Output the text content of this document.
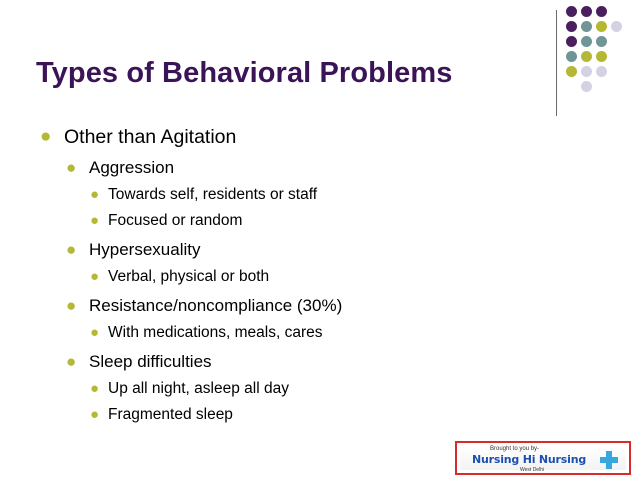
Types of Behavioral Problems
● Other than Agitation
● Aggression
● Towards self, residents or staff
● Focused or random
● Hypersexuality
● Verbal, physical or both
● Resistance/noncompliance (30%)
● With medications, meals, cares
● Sleep difficulties
● Up all night, asleep all day
● Fragmented sleep
Brought to you by-
Nursing Hi Nursing
West Delhi
